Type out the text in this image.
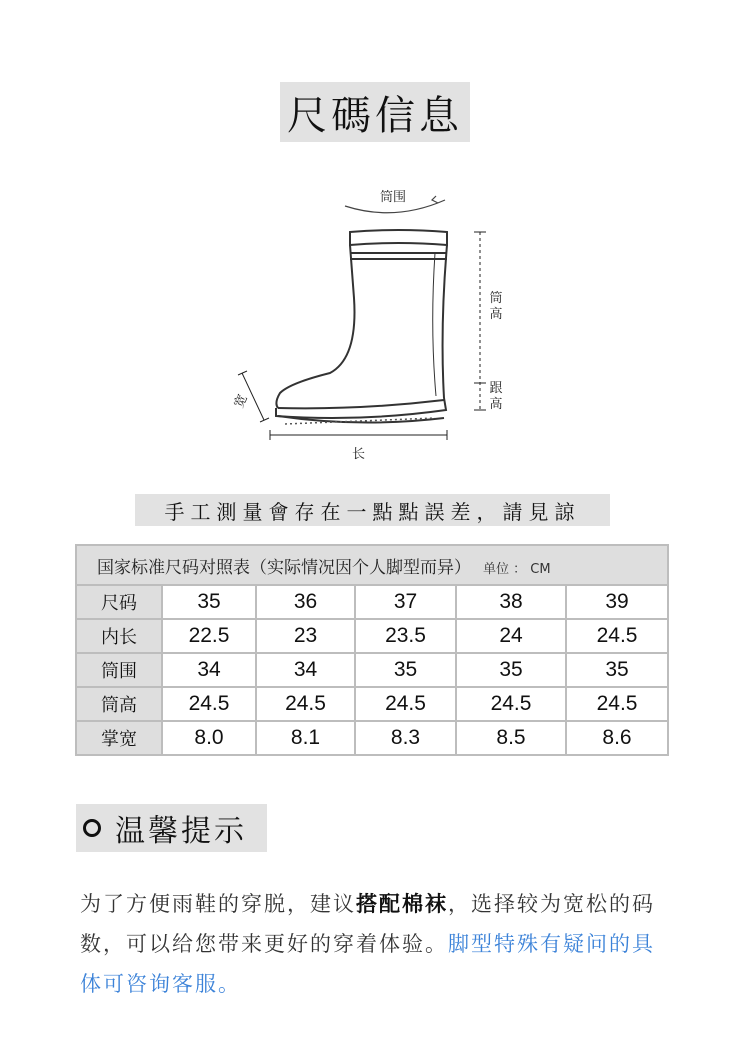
尺碼信息
筒围
筒高
跟高
宽
长
手工測量會存在一點點誤差，請見諒
国家标准尺码对照表（实际情况因个人脚型而异） 单位 ： CM					
尺码	35	36	37	38	39
内长	22.5	23	23.5	24	24.5
筒围	34	34	35	35	35
筒高	24.5	24.5	24.5	24.5	24.5
掌宽	8.0	8.1	8.3	8.5	8.6
温馨提示
为了方便雨鞋的穿脱，建议搭配棉袜，选择较为宽松的码数，可以给您带来更好的穿着体验。脚型特殊有疑问的具体可咨询客服。
